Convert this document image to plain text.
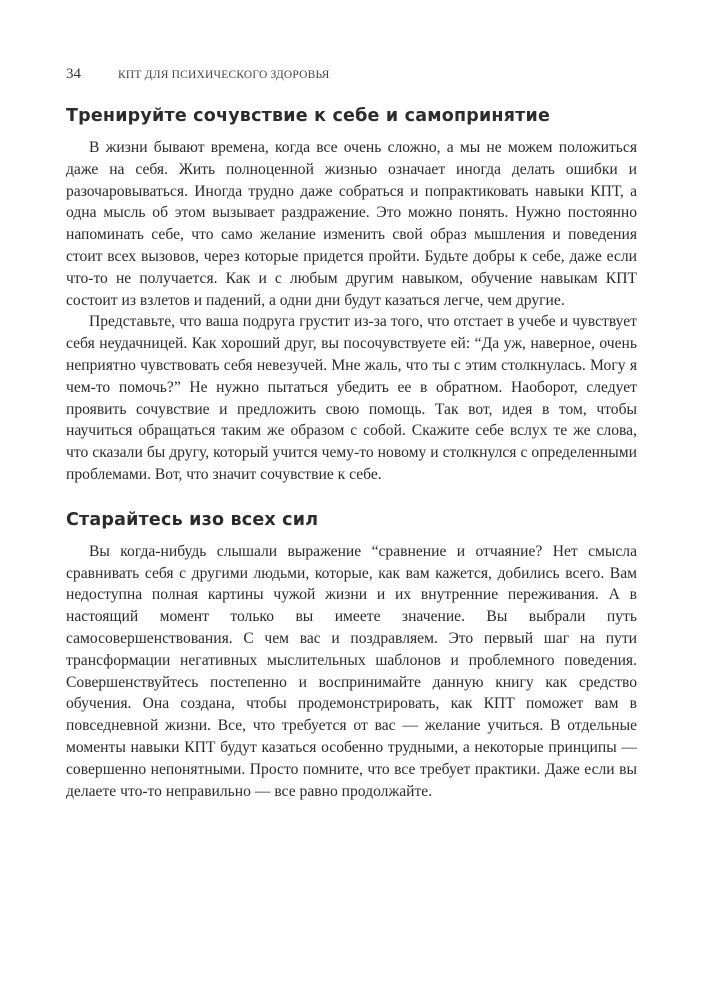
34	КПТ ДЛЯ ПСИХИЧЕСКОГО ЗДОРОВЬЯ
Тренируйте сочувствие к себе и самопринятие

В жизни бывают времена, когда все очень сложно, а мы не можем положиться даже на себя. Жить полноценной жизнью означает иногда делать ошибки и разочаровываться. Иногда трудно даже собраться и попрактиковать навыки КПТ, а одна мысль об этом вызывает раздражение. Это можно понять. Нужно постоянно напоминать себе, что само желание изменить свой образ мышления и поведения стоит всех вызовов, через которые придется пройти. Будьте добры к себе, даже если что-то не получается. Как и с любым другим навыком, обучение навыкам КПТ состоит из взлетов и падений, а одни дни будут казаться легче, чем другие.

Представьте, что ваша подруга грустит из-за того, что отстает в учебе и чувствует себя неудачницей. Как хороший друг, вы посочувствуете ей: “Да уж, наверное, очень неприятно чувствовать себя невезучей. Мне жаль, что ты с этим столкнулась. Могу я чем-то помочь?” Не нужно пытаться убедить ее в обратном. Наоборот, следует проявить сочувствие и предложить свою помощь. Так вот, идея в том, чтобы научиться обращаться таким же образом с собой. Скажите себе вслух те же слова, что сказали бы другу, который учится чему-то новому и столкнулся с определенными проблемами. Вот, что значит сочувствие к себе.

Старайтесь изо всех сил

Вы когда-нибудь слышали выражение “сравнение и отчаяние? Нет смысла сравнивать себя с другими людьми, которые, как вам кажется, добились всего. Вам недоступна полная картины чужой жизни и их внутренние переживания. А в настоящий момент только вы имеете значение. Вы выбрали путь самосовершенствования. С чем вас и поздравляем. Это первый шаг на пути трансформации негативных мыслительных шаблонов и проблемного поведения. Совершенствуйтесь постепенно и воспринимайте данную книгу как средство обучения. Она создана, чтобы продемонстрировать, как КПТ поможет вам в повседневной жизни. Все, что требуется от вас — желание учиться. В отдельные моменты навыки КПТ будут казаться особенно трудными, а некоторые принципы — совершенно непонятными. Просто помните, что все требует практики. Даже если вы делаете что-то неправильно — все равно продолжайте.
